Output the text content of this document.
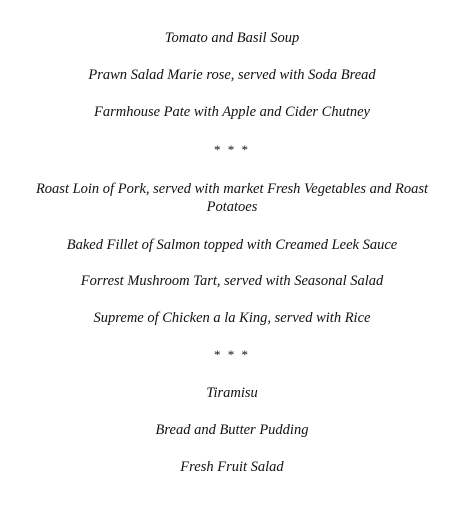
Tomato and Basil Soup

Prawn Salad Marie rose, served with Soda Bread

Farmhouse Pate with Apple and Cider Chutney

* * *

Roast Loin of Pork, served with market Fresh Vegetables and Roast Potatoes

Baked Fillet of Salmon topped with Creamed Leek Sauce

Forrest Mushroom Tart, served with Seasonal Salad

Supreme of Chicken a la King, served with Rice

* * *

Tiramisu

Bread and Butter Pudding

Fresh Fruit Salad
